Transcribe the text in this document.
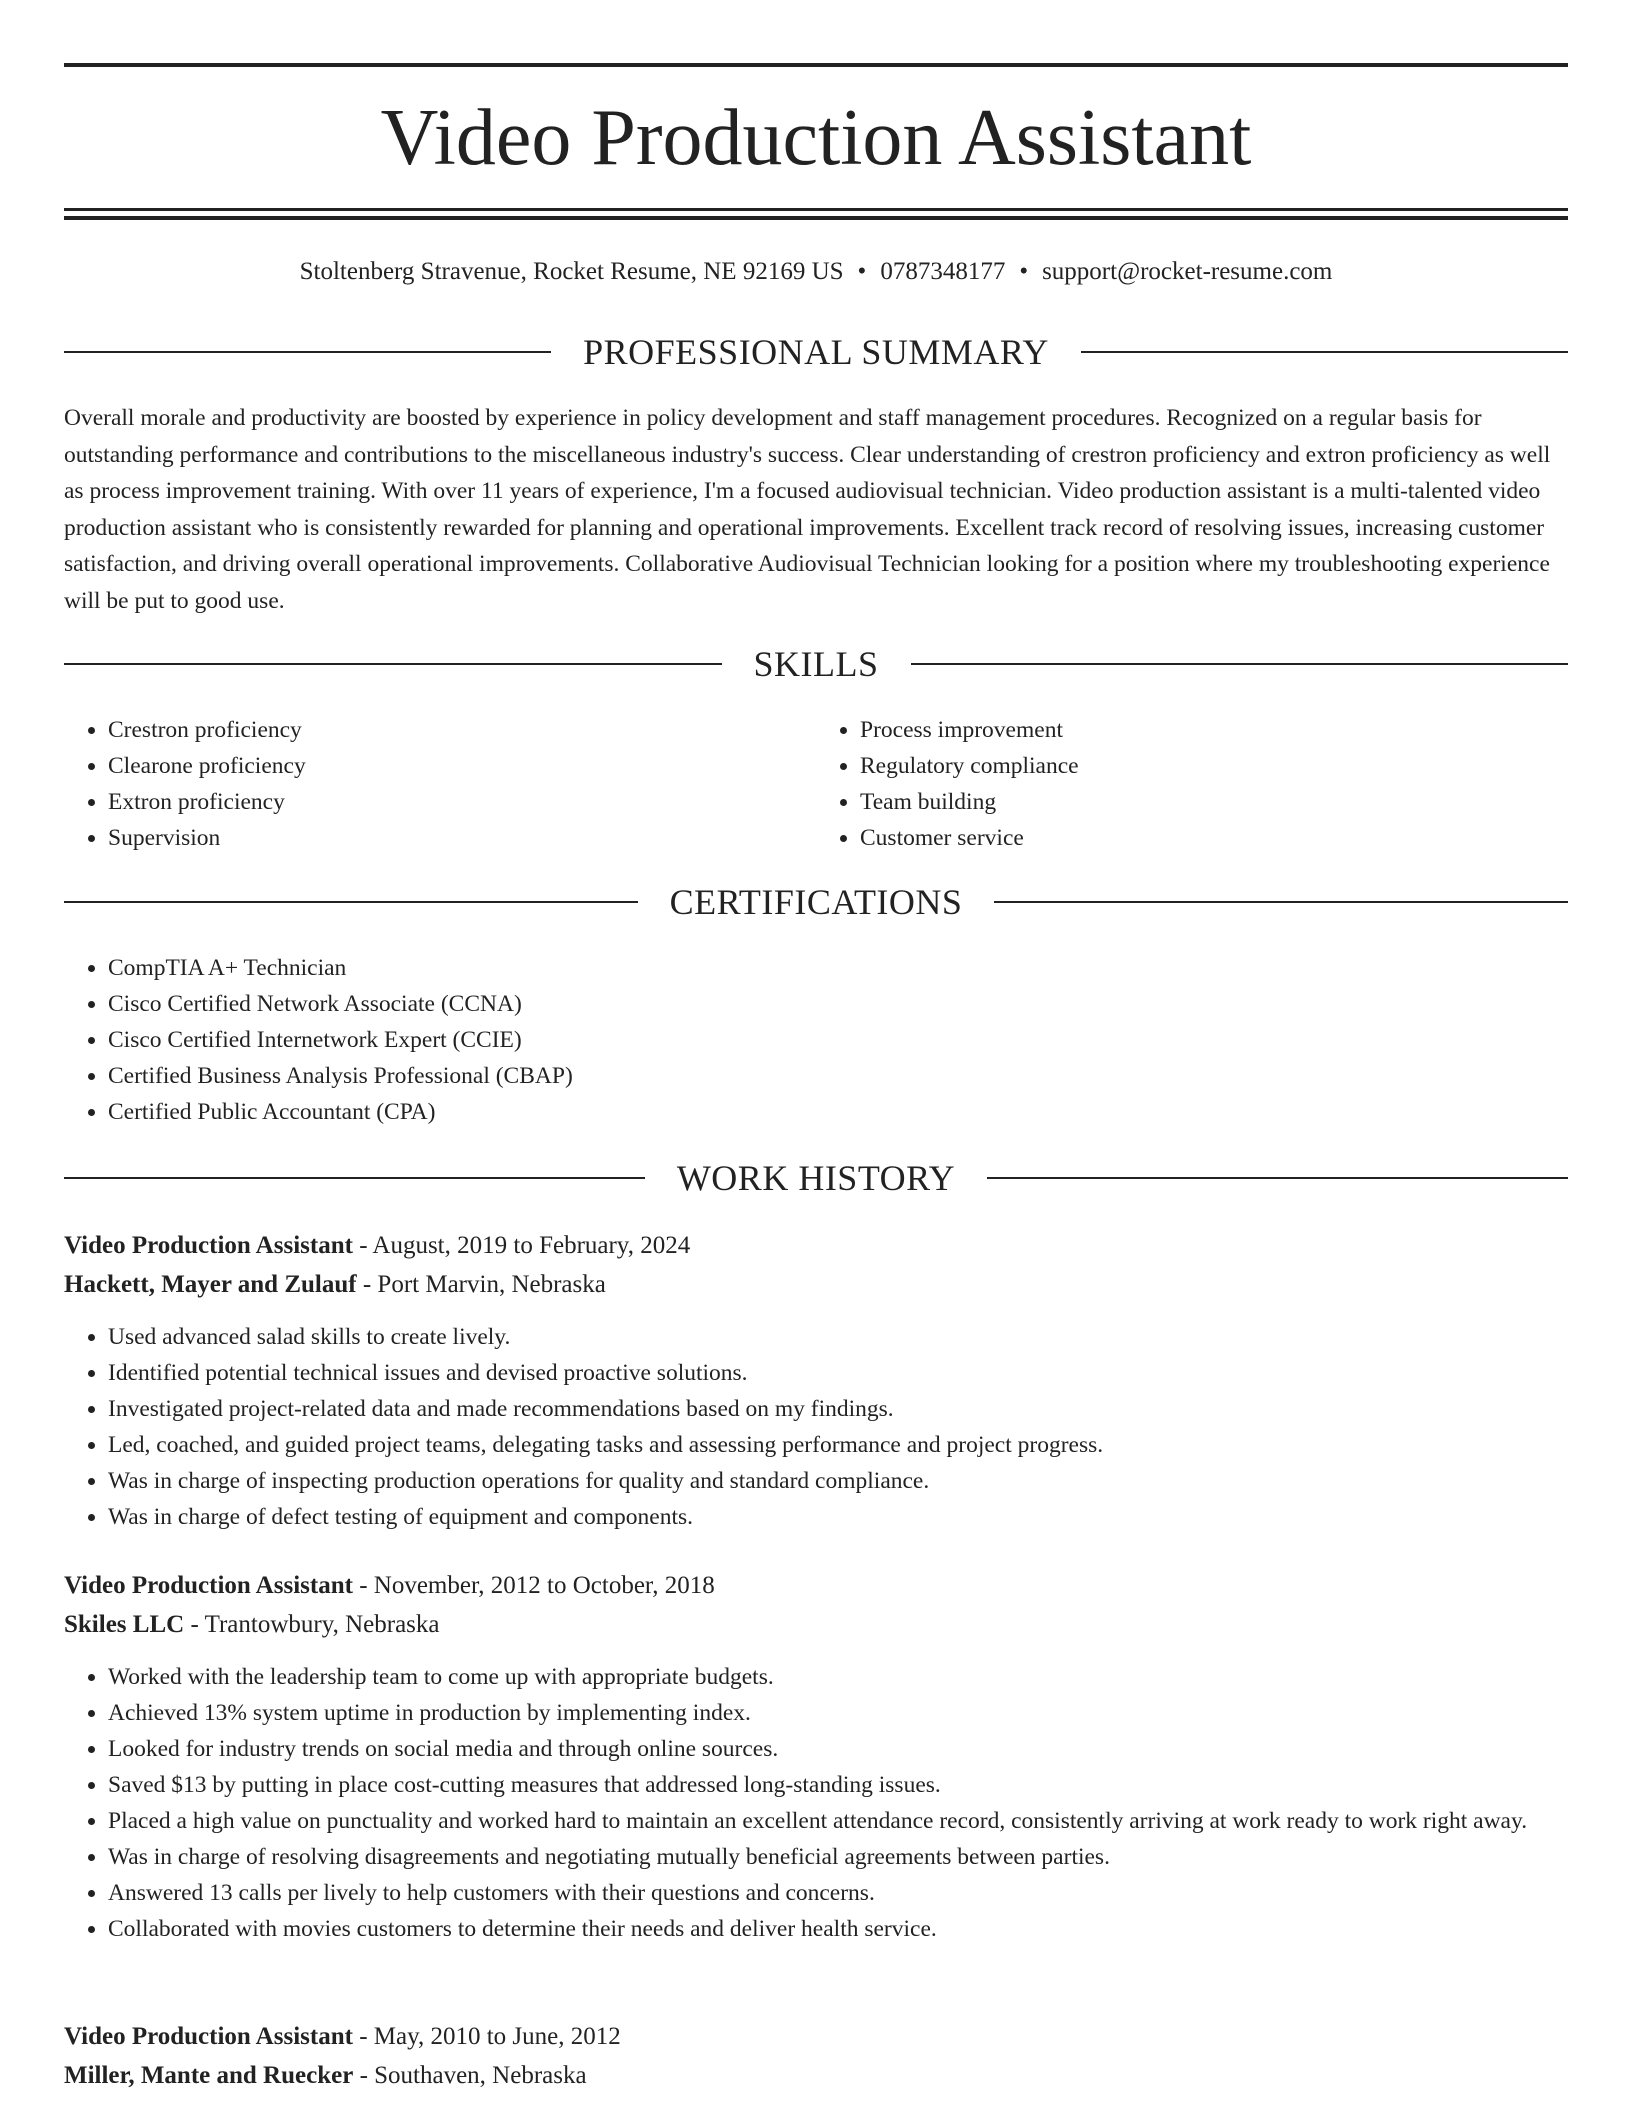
Video Production Assistant
Stoltenberg Stravenue, Rocket Resume, NE 92169 US • 0787348177 • support@rocket-resume.com
PROFESSIONAL SUMMARY

Overall morale and productivity are boosted by experience in policy development and staff management procedures. Recognized on a regular basis for outstanding performance and contributions to the miscellaneous industry's success. Clear understanding of crestron proficiency and extron proficiency as well as process improvement training. With over 11 years of experience, I'm a focused audiovisual technician. Video production assistant is a multi-talented video production assistant who is consistently rewarded for planning and operational improvements. Excellent track record of resolving issues, increasing customer satisfaction, and driving overall operational improvements. Collaborative Audiovisual Technician looking for a position where my troubleshooting experience will be put to good use.

SKILLS
• Crestron proficiency
• Clearone proficiency
• Extron proficiency
• Supervision
• Process improvement
• Regulatory compliance
• Team building
• Customer service
CERTIFICATIONS
• CompTIA A+ Technician
• Cisco Certified Network Associate (CCNA)
• Cisco Certified Internetwork Expert (CCIE)
• Certified Business Analysis Professional (CBAP)
• Certified Public Accountant (CPA)
WORK HISTORY
Video Production Assistant - August, 2019 to February, 2024
Hackett, Mayer and Zulauf - Port Marvin, Nebraska
• Used advanced salad skills to create lively.
• Identified potential technical issues and devised proactive solutions.
• Investigated project-related data and made recommendations based on my findings.
• Led, coached, and guided project teams, delegating tasks and assessing performance and project progress.
• Was in charge of inspecting production operations for quality and standard compliance.
• Was in charge of defect testing of equipment and components.
Video Production Assistant - November, 2012 to October, 2018
Skiles LLC - Trantowbury, Nebraska
• Worked with the leadership team to come up with appropriate budgets.
• Achieved 13% system uptime in production by implementing index.
• Looked for industry trends on social media and through online sources.
• Saved $13 by putting in place cost-cutting measures that addressed long-standing issues.
• Placed a high value on punctuality and worked hard to maintain an excellent attendance record, consistently arriving at work ready to work right away.
• Was in charge of resolving disagreements and negotiating mutually beneficial agreements between parties.
• Answered 13 calls per lively to help customers with their questions and concerns.
• Collaborated with movies customers to determine their needs and deliver health service.
Video Production Assistant - May, 2010 to June, 2012
Miller, Mante and Ruecker - Southaven, Nebraska
